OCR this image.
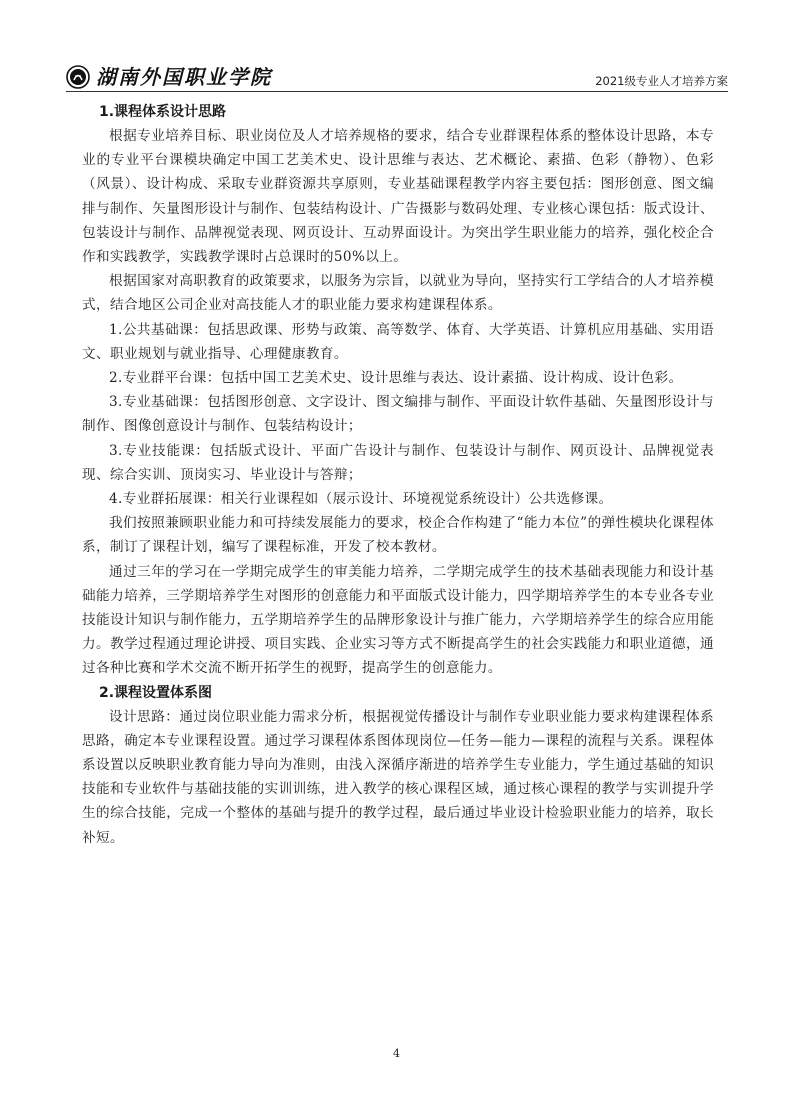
湖南外国职业学院	2021级专业人才培养方案

1.课程体系设计思路

根据专业培养目标、职业岗位及人才培养规格的要求，结合专业群课程体系的整体设计思路，本专业的专业平台课模块确定中国工艺美术史、设计思维与表达、艺术概论、素描、色彩（静物）、色彩（风景）、设计构成、采取专业群资源共享原则，专业基础课程教学内容主要包括：图形创意、图文编排与制作、矢量图形设计与制作、包装结构设计、广告摄影与数码处理、专业核心课包括：版式设计、包装设计与制作、品牌视觉表现、网页设计、互动界面设计。为突出学生职业能力的培养，强化校企合作和实践教学，实践教学课时占总课时的50%以上。

根据国家对高职教育的政策要求，以服务为宗旨，以就业为导向，坚持实行工学结合的人才培养模式，结合地区公司企业对高技能人才的职业能力要求构建课程体系。

1.公共基础课：包括思政课、形势与政策、高等数学、体育、大学英语、计算机应用基础、实用语文、职业规划与就业指导、心理健康教育。

2.专业群平台课：包括中国工艺美术史、设计思维与表达、设计素描、设计构成、设计色彩。

3.专业基础课：包括图形创意、文字设计、图文编排与制作、平面设计软件基础、矢量图形设计与制作、图像创意设计与制作、包装结构设计；

3.专业技能课：包括版式设计、平面广告设计与制作、包装设计与制作、网页设计、品牌视觉表现、综合实训、顶岗实习、毕业设计与答辩；

4.专业群拓展课：相关行业课程如（展示设计、环境视觉系统设计）公共选修课。

我们按照兼顾职业能力和可持续发展能力的要求，校企合作构建了“能力本位”的弹性模块化课程体系，制订了课程计划，编写了课程标准，开发了校本教材。

通过三年的学习在一学期完成学生的审美能力培养，二学期完成学生的技术基础表现能力和设计基础能力培养，三学期培养学生对图形的创意能力和平面版式设计能力，四学期培养学生的本专业各专业技能设计知识与制作能力，五学期培养学生的品牌形象设计与推广能力，六学期培养学生的综合应用能力。教学过程通过理论讲授、项目实践、企业实习等方式不断提高学生的社会实践能力和职业道德，通过各种比赛和学术交流不断开拓学生的视野，提高学生的创意能力。

2.课程设置体系图

设计思路：通过岗位职业能力需求分析，根据视觉传播设计与制作专业职业能力要求构建课程体系思路，确定本专业课程设置。通过学习课程体系图体现岗位—任务—能力—课程的流程与关系。课程体系设置以反映职业教育能力导向为准则，由浅入深循序渐进的培养学生专业能力，学生通过基础的知识技能和专业软件与基础技能的实训训练，进入教学的核心课程区域，通过核心课程的教学与实训提升学生的综合技能，完成一个整体的基础与提升的教学过程，最后通过毕业设计检验职业能力的培养，取长补短。

4
